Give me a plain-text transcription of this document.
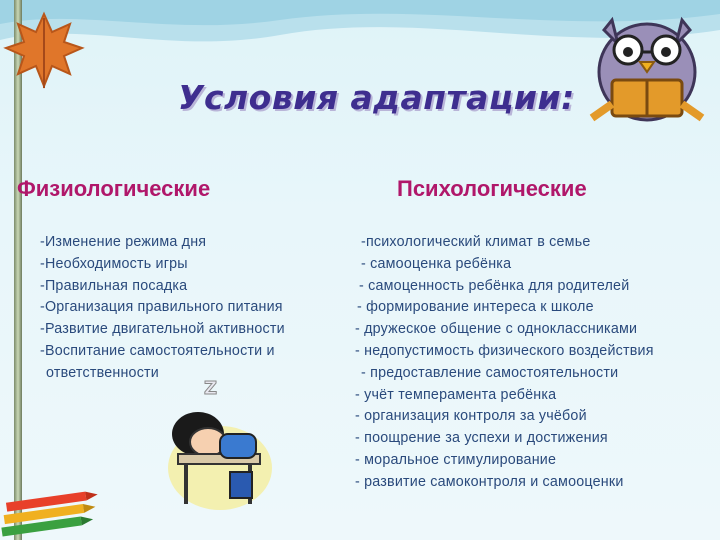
Условия адаптации:
Физиологические	Психологические
-Изменение режима дня
-Необходимость игры
-Правильная посадка
-Организация правильного питания
-Развитие двигательной активности
-Воспитание самостоятельности и
ответственности
-психологический климат в семье
- самооценка ребёнка
- самоценность ребёнка для родителей
- формирование интереса к школе
- дружеское общение с одноклассниками
- недопустимость физического воздействия
- предоставление самостоятельности
- учёт темперамента ребёнка
- организация контроля за учёбой
- поощрение за успехи и достижения
- моральное стимулирование
- развитие самоконтроля и самооценки
Z
